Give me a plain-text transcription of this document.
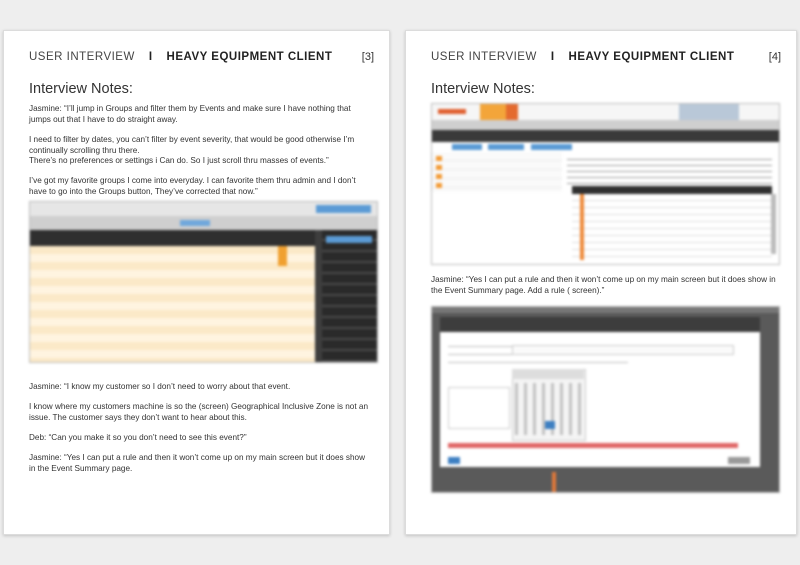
USER INTERVIEW I HEAVY EQUIPMENT CLIENT	[3]
Interview Notes:

Jasmine: “I’ll jump in Groups and filter them by Events and make sure I have nothing that jumps out that I have to do straight away.

I need to filter by dates, you can’t filter by event severity, that would be good otherwise I’m continually scrolling thru there.

There’s no preferences or settings i Can do. So I just scroll thru masses of events.”

I’ve got my favorite groups I come into everyday. I can favorite them thru admin and I don’t have to go into the Groups button, They’ve corrected that now.”

Jasmine: “I know my customer so I don’t need to worry about that event.

I know where my customers machine is so the (screen) Geographical Inclusive Zone is not an issue. The customer says they don’t want to hear about this.

Deb: “Can you make it so you don’t need to see this event?”

Jasmine: “Yes I can put a rule and then it won’t come up on my main screen but it does show in the Event Summary page.

USER INTERVIEW I HEAVY EQUIPMENT CLIENT	[4]
Interview Notes:

Jasmine: “Yes I can put a rule and then it won’t come up on my main screen but it does show in the Event Summary page. Add a rule ( screen).”
